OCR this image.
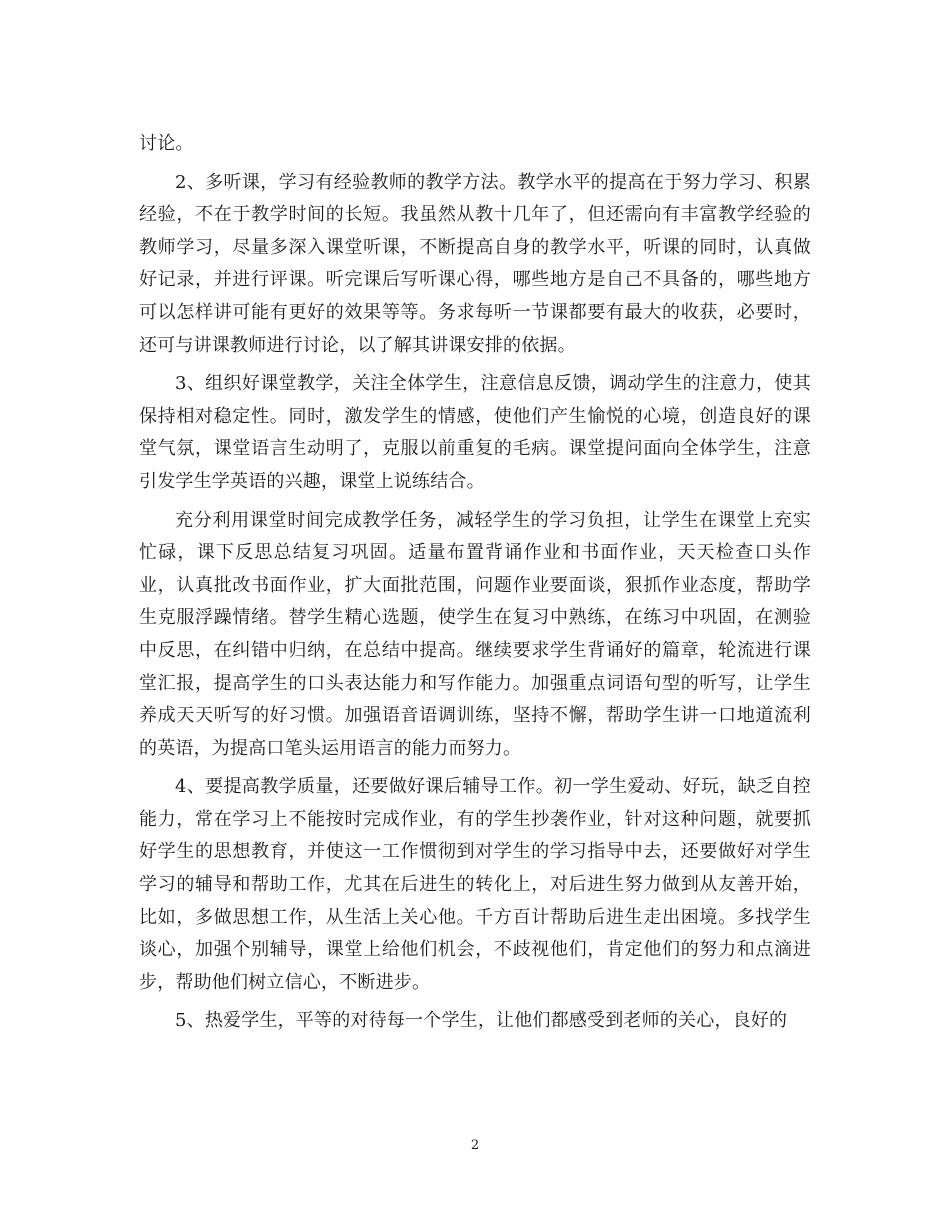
讨论。

2、多听课，学习有经验教师的教学方法。教学水平的提高在于努力学习、积累经验，不在于教学时间的长短。我虽然从教十几年了，但还需向有丰富教学经验的教师学习，尽量多深入课堂听课，不断提高自身的教学水平，听课的同时，认真做好记录，并进行评课。听完课后写听课心得，哪些地方是自己不具备的，哪些地方可以怎样讲可能有更好的效果等等。务求每听一节课都要有最大的收获，必要时，还可与讲课教师进行讨论，以了解其讲课安排的依据。

3、组织好课堂教学，关注全体学生，注意信息反馈，调动学生的注意力，使其保持相对稳定性。同时，激发学生的情感，使他们产生愉悦的心境，创造良好的课堂气氛，课堂语言生动明了，克服以前重复的毛病。课堂提问面向全体学生，注意引发学生学英语的兴趣，课堂上说练结合。

充分利用课堂时间完成教学任务，减轻学生的学习负担，让学生在课堂上充实忙碌，课下反思总结复习巩固。适量布置背诵作业和书面作业，天天检查口头作业，认真批改书面作业，扩大面批范围，问题作业要面谈，狠抓作业态度，帮助学生克服浮躁情绪。替学生精心选题，使学生在复习中熟练，在练习中巩固，在测验中反思，在纠错中归纳，在总结中提高。继续要求学生背诵好的篇章，轮流进行课堂汇报，提高学生的口头表达能力和写作能力。加强重点词语句型的听写，让学生养成天天听写的好习惯。加强语音语调训练，坚持不懈，帮助学生讲一口地道流利的英语，为提高口笔头运用语言的能力而努力。

4、要提高教学质量，还要做好课后辅导工作。初一学生爱动、好玩，缺乏自控能力，常在学习上不能按时完成作业，有的学生抄袭作业，针对这种问题，就要抓好学生的思想教育，并使这一工作惯彻到对学生的学习指导中去，还要做好对学生学习的辅导和帮助工作，尤其在后进生的转化上，对后进生努力做到从友善开始，比如，多做思想工作，从生活上关心他。千方百计帮助后进生走出困境。多找学生谈心，加强个别辅导，课堂上给他们机会，不歧视他们，肯定他们的努力和点滴进步，帮助他们树立信心，不断进步。

5、热爱学生，平等的对待每一个学生，让他们都感受到老师的关心，良好的

2
